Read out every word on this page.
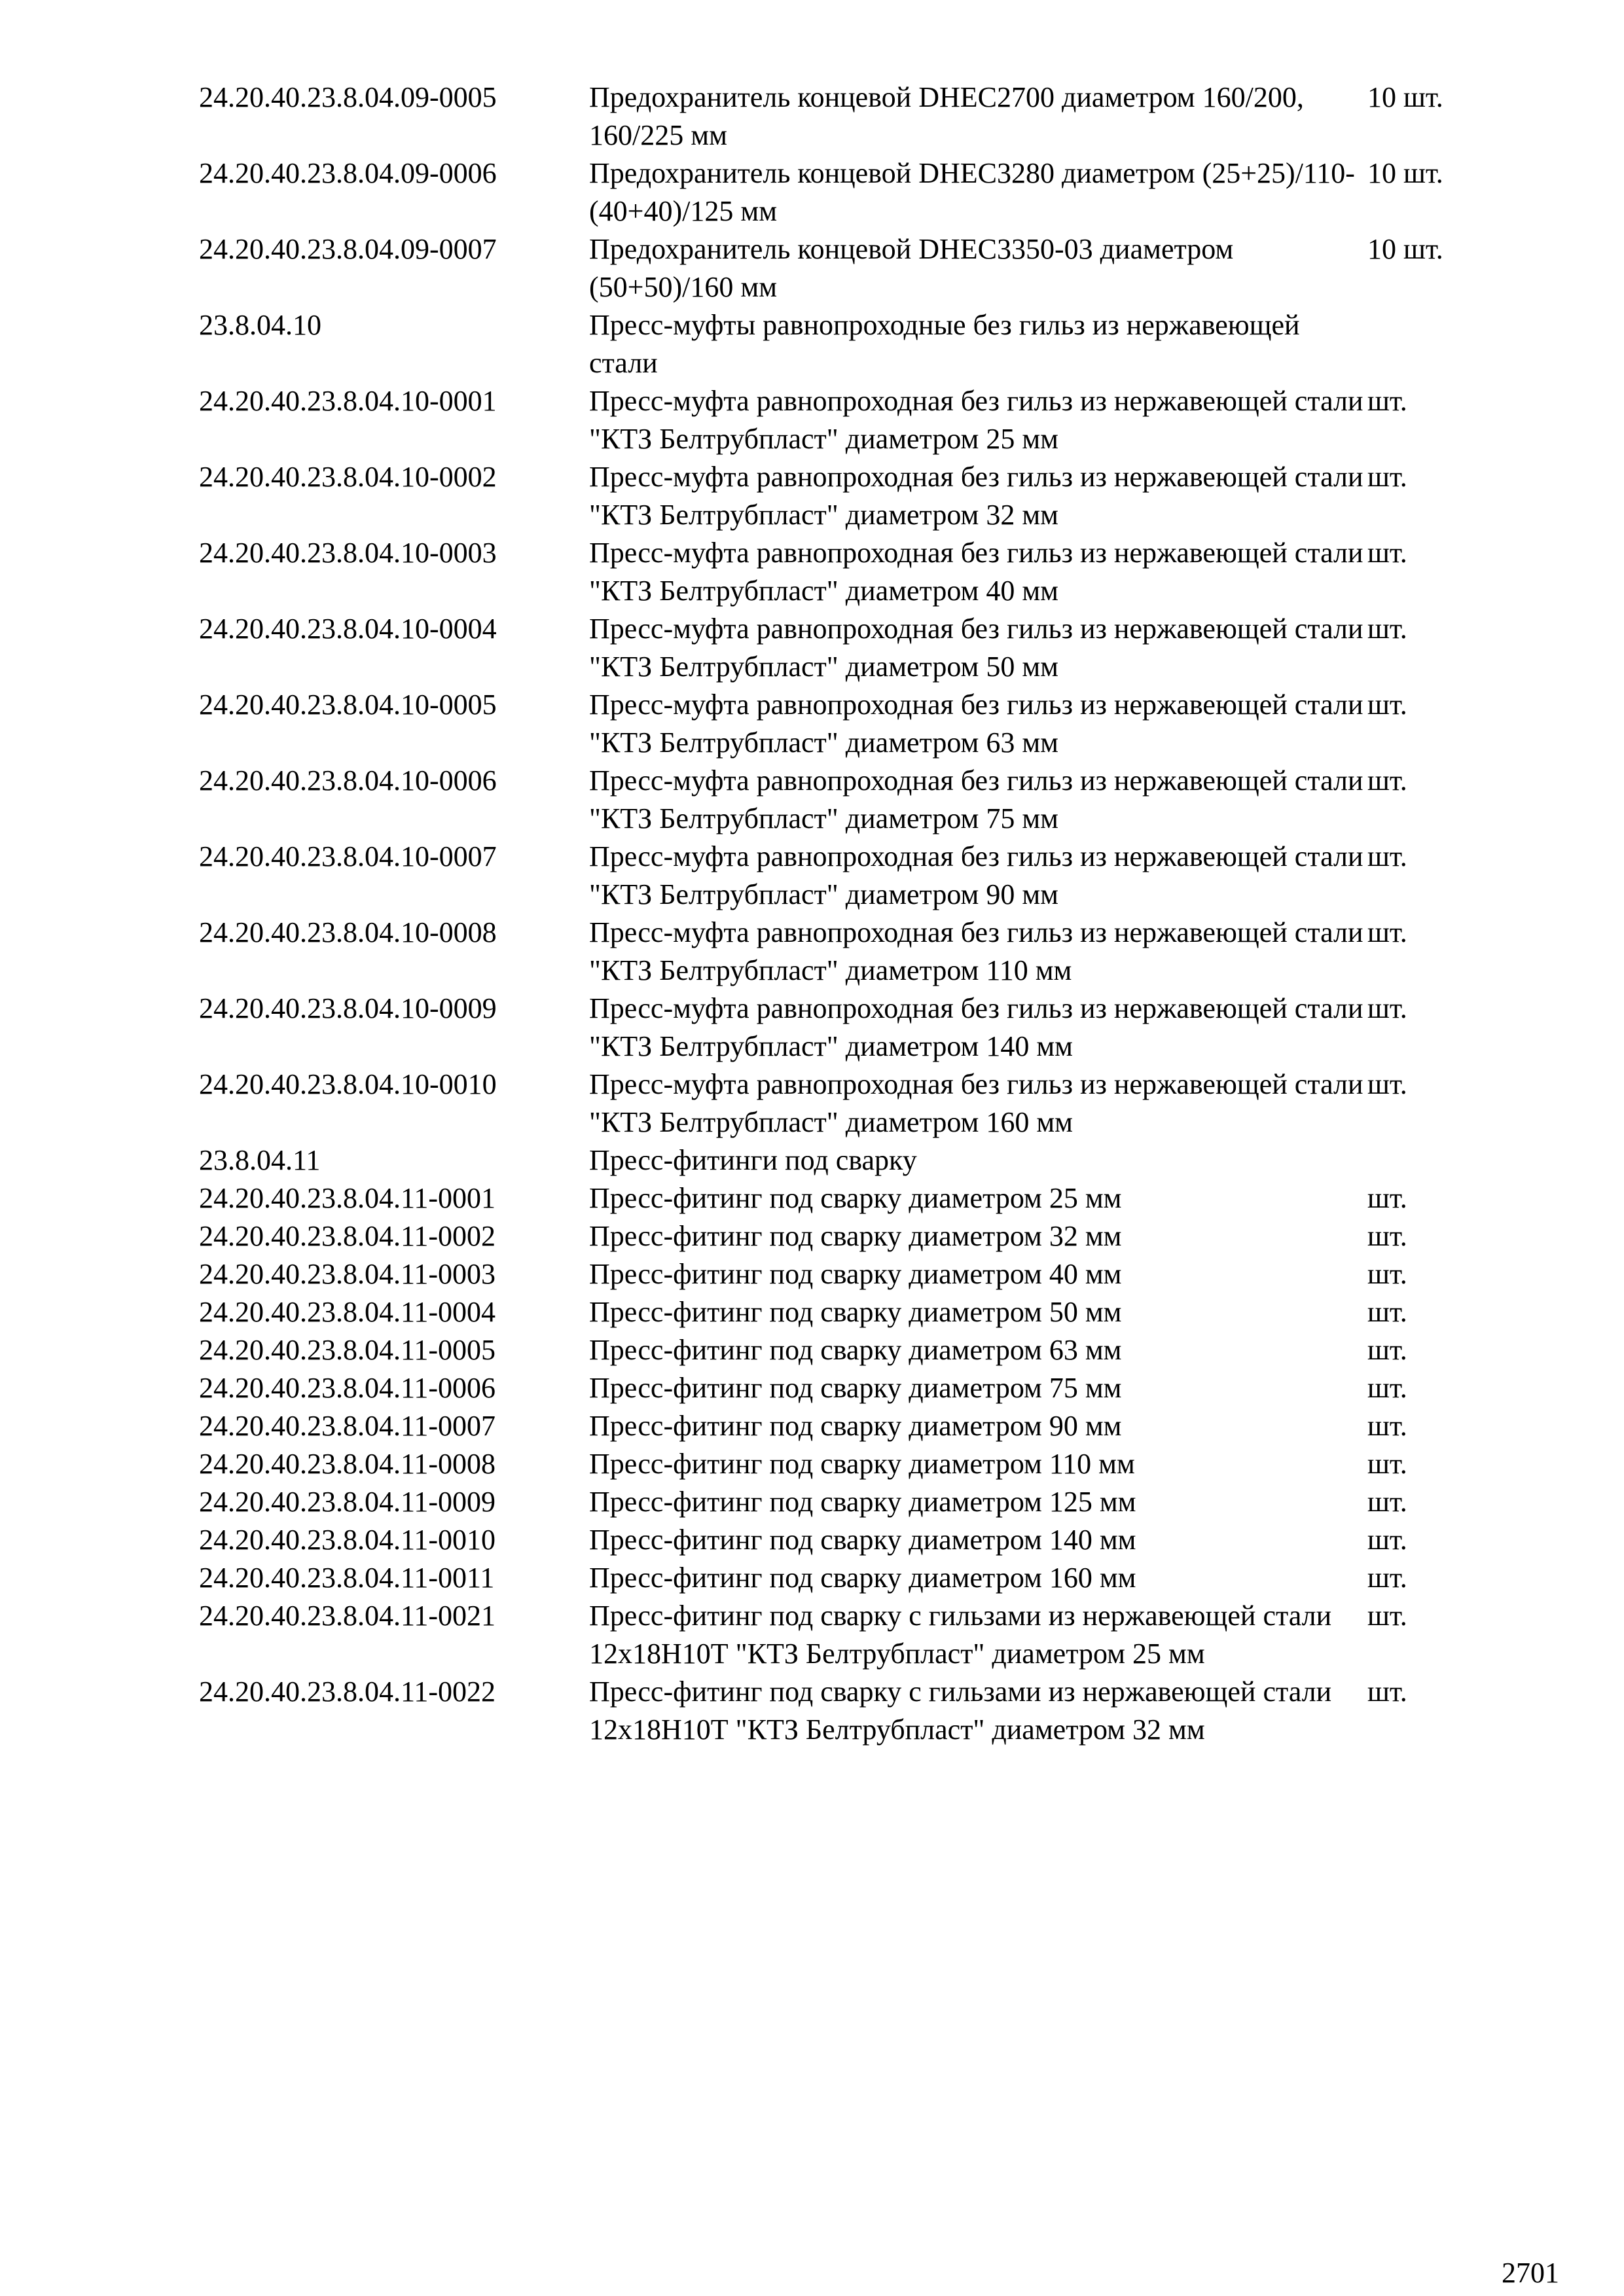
24.20.40.23.8.04.09-0005	Предохранитель концевой DHEC2700 диаметром 160/200, 160/225 мм	10 шт.
24.20.40.23.8.04.09-0006	Предохранитель концевой DHEC3280 диаметром (25+25)/110-(40+40)/125 мм	10 шт.
24.20.40.23.8.04.09-0007	Предохранитель концевой DHEC3350-03 диаметром (50+50)/160 мм	10 шт.
23.8.04.10	Пресс-муфты равнопроходные без гильз из нержавеющей стали	
24.20.40.23.8.04.10-0001	Пресс-муфта равнопроходная без гильз из нержавеющей стали "КТЗ Белтрубпласт" диаметром 25 мм	шт.
24.20.40.23.8.04.10-0002	Пресс-муфта равнопроходная без гильз из нержавеющей стали "КТЗ Белтрубпласт" диаметром 32 мм	шт.
24.20.40.23.8.04.10-0003	Пресс-муфта равнопроходная без гильз из нержавеющей стали "КТЗ Белтрубпласт" диаметром 40 мм	шт.
24.20.40.23.8.04.10-0004	Пресс-муфта равнопроходная без гильз из нержавеющей стали "КТЗ Белтрубпласт" диаметром 50 мм	шт.
24.20.40.23.8.04.10-0005	Пресс-муфта равнопроходная без гильз из нержавеющей стали "КТЗ Белтрубпласт" диаметром 63 мм	шт.
24.20.40.23.8.04.10-0006	Пресс-муфта равнопроходная без гильз из нержавеющей стали "КТЗ Белтрубпласт" диаметром 75 мм	шт.
24.20.40.23.8.04.10-0007	Пресс-муфта равнопроходная без гильз из нержавеющей стали "КТЗ Белтрубпласт" диаметром 90 мм	шт.
24.20.40.23.8.04.10-0008	Пресс-муфта равнопроходная без гильз из нержавеющей стали "КТЗ Белтрубпласт" диаметром 110 мм	шт.
24.20.40.23.8.04.10-0009	Пресс-муфта равнопроходная без гильз из нержавеющей стали "КТЗ Белтрубпласт" диаметром 140 мм	шт.
24.20.40.23.8.04.10-0010	Пресс-муфта равнопроходная без гильз из нержавеющей стали "КТЗ Белтрубпласт" диаметром 160 мм	шт.
23.8.04.11	Пресс-фитинги под сварку	
24.20.40.23.8.04.11-0001	Пресс-фитинг под сварку диаметром 25 мм	шт.
24.20.40.23.8.04.11-0002	Пресс-фитинг под сварку диаметром 32 мм	шт.
24.20.40.23.8.04.11-0003	Пресс-фитинг под сварку диаметром 40 мм	шт.
24.20.40.23.8.04.11-0004	Пресс-фитинг под сварку диаметром 50 мм	шт.
24.20.40.23.8.04.11-0005	Пресс-фитинг под сварку диаметром 63 мм	шт.
24.20.40.23.8.04.11-0006	Пресс-фитинг под сварку диаметром 75 мм	шт.
24.20.40.23.8.04.11-0007	Пресс-фитинг под сварку диаметром 90 мм	шт.
24.20.40.23.8.04.11-0008	Пресс-фитинг под сварку диаметром 110 мм	шт.
24.20.40.23.8.04.11-0009	Пресс-фитинг под сварку диаметром 125 мм	шт.
24.20.40.23.8.04.11-0010	Пресс-фитинг под сварку диаметром 140 мм	шт.
24.20.40.23.8.04.11-0011	Пресс-фитинг под сварку диаметром 160 мм	шт.
24.20.40.23.8.04.11-0021	Пресс-фитинг под сварку с гильзами из нержавеющей стали 12х18Н10Т "КТЗ Белтрубпласт" диаметром 25 мм	шт.
24.20.40.23.8.04.11-0022	Пресс-фитинг под сварку с гильзами из нержавеющей стали 12х18Н10Т "КТЗ Белтрубпласт" диаметром 32 мм	шт.
2701
